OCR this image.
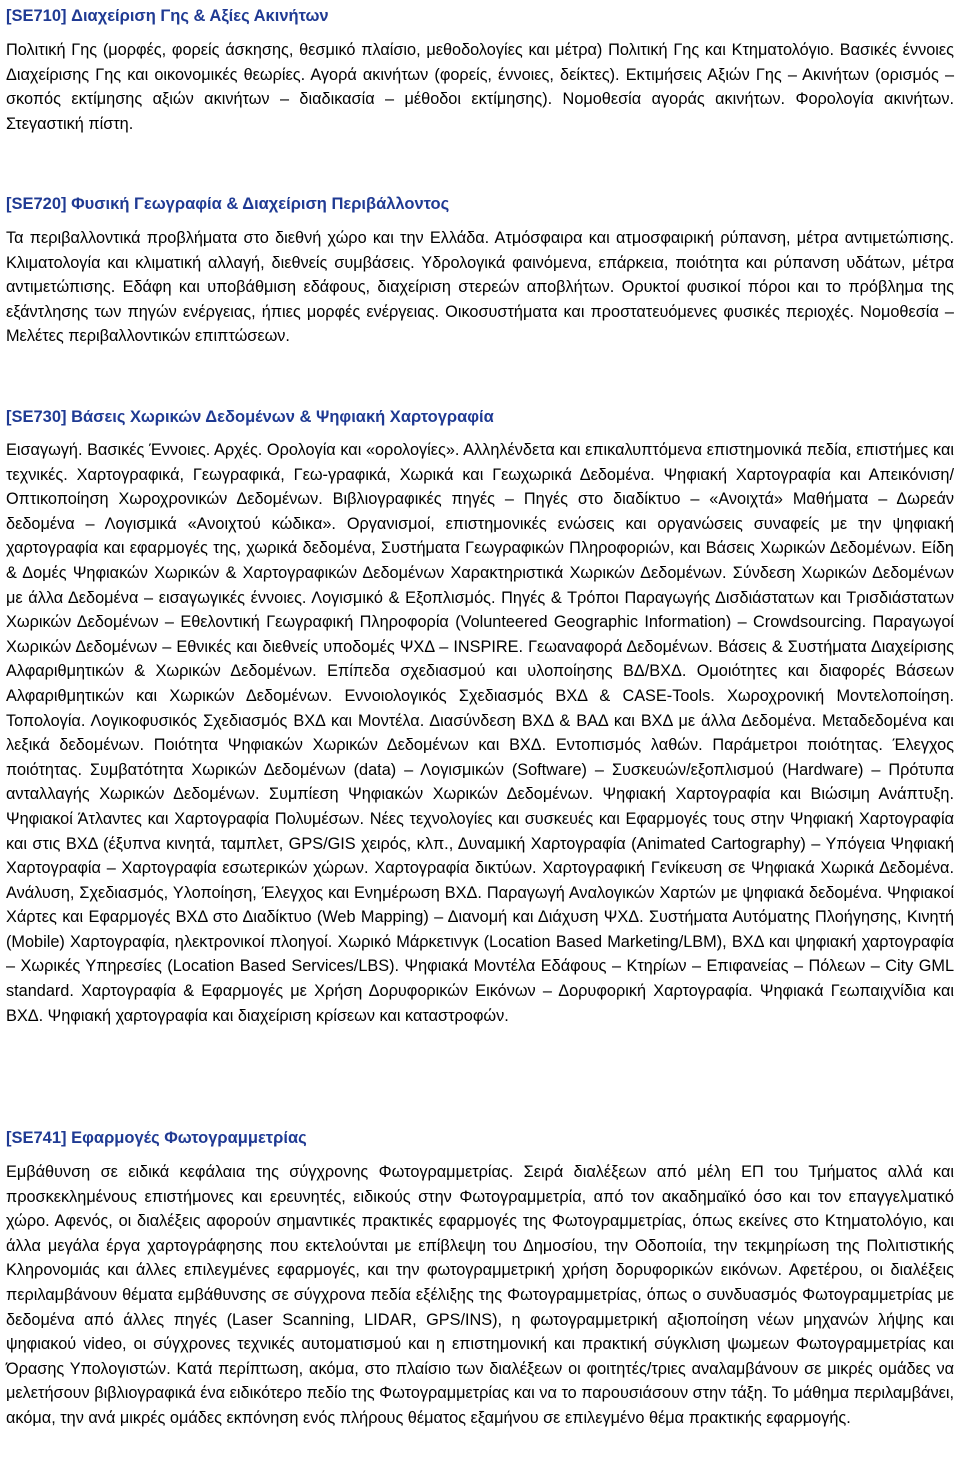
[SE710] Διαχείριση Γης & Αξίες Ακινήτων

Πολιτική Γης (μορφές, φορείς άσκησης, θεσμικό πλαίσιο, μεθοδολογίες και μέτρα) Πολιτική Γης και Κτηματολόγιο. Βασικές έννοιες Διαχείρισης Γης και οικονομικές θεωρίες. Αγορά ακινήτων (φορείς, έννοιες, δείκτες). Εκτιμήσεις Αξιών Γης – Ακινήτων (ορισμός – σκοπός εκτίμησης αξιών ακινήτων – διαδικασία – μέθοδοι εκτίμησης). Νομοθεσία αγοράς ακινήτων. Φορολογία ακινήτων. Στεγαστική πίστη.

[SE720] Φυσική Γεωγραφία & Διαχείριση Περιβάλλοντος

Τα περιβαλλοντικά προβλήματα στο διεθνή χώρο και την Ελλάδα. Ατμόσφαιρα και ατμοσφαιρική ρύπανση, μέτρα αντιμετώπισης. Κλιματολογία και κλιματική αλλαγή, διεθνείς συμβάσεις. Υδρολογικά φαινόμενα, επάρκεια, ποιότητα και ρύπανση υδάτων, μέτρα αντιμετώπισης. Εδάφη και υποβάθμιση εδάφους, διαχείριση στερεών αποβλήτων. Ορυκτοί φυσικοί πόροι και το πρόβλημα της εξάντλησης των πηγών ενέργειας, ήπιες μορφές ενέργειας. Οικοσυστήματα και προστατευόμενες φυσικές περιοχές. Νομοθεσία – Μελέτες περιβαλλοντικών επιπτώσεων.

[SE730] Βάσεις Χωρικών Δεδομένων & Ψηφιακή Χαρτογραφία

Εισαγωγή. Βασικές Έννοιες. Αρχές. Ορολογία και «ορολογίες». Αλληλένδετα και επικαλυπτόμενα επιστημονικά πεδία, επιστήμες και τεχνικές. Χαρτογραφικά, Γεωγραφικά, Γεω-γραφικά, Χωρικά και Γεωχωρικά Δεδομένα. Ψηφιακή Χαρτογραφία και Απεικόνιση/Οπτικοποίηση Χωροχρονικών Δεδομένων. Βιβλιογραφικές πηγές – Πηγές στο διαδίκτυο – «Ανοιχτά» Μαθήματα – Δωρεάν δεδομένα – Λογισμικά «Ανοιχτού κώδικα». Οργανισμοί, επιστημονικές ενώσεις και οργανώσεις συναφείς με την ψηφιακή χαρτογραφία και εφαρμογές της, χωρικά δεδομένα, Συστήματα Γεωγραφικών Πληροφοριών, και Βάσεις Χωρικών Δεδομένων. Είδη & Δομές Ψηφιακών Χωρικών & Χαρτογραφικών Δεδομένων Χαρακτηριστικά Χωρικών Δεδομένων. Σύνδεση Χωρικών Δεδομένων με άλλα Δεδομένα – εισαγωγικές έννοιες. Λογισμικό & Εξοπλισμός. Πηγές & Τρόποι Παραγωγής Δισδιάστατων και Τρισδιάστατων Χωρικών Δεδομένων – Εθελοντική Γεωγραφική Πληροφορία (Volunteered Geographic Information) – Crowdsourcing. Παραγωγοί Χωρικών Δεδομένων – Εθνικές και διεθνείς υποδομές ΨΧΔ – INSPIRE. Γεωαναφορά Δεδομένων. Βάσεις & Συστήματα Διαχείρισης Αλφαριθμητικών & Χωρικών Δεδομένων. Επίπεδα σχεδιασμού και υλοποίησης ΒΔ/ΒΧΔ. Ομοιότητες και διαφορές Βάσεων Αλφαριθμητικών και Χωρικών Δεδομένων. Εννοιολογικός Σχεδιασμός ΒΧΔ & CASE-Tools. Χωροχρονική Μοντελοποίηση. Τοπολογία. Λογικοφυσικός Σχεδιασμός ΒΧΔ και Μοντέλα. Διασύνδεση ΒΧΔ & ΒΑΔ και ΒΧΔ με άλλα Δεδομένα. Μεταδεδομένα και λεξικά δεδομένων. Ποιότητα Ψηφιακών Χωρικών Δεδομένων και ΒΧΔ. Εντοπισμός λαθών. Παράμετροι ποιότητας. Έλεγχος ποιότητας. Συμβατότητα Χωρικών Δεδομένων (data) – Λογισμικών (Software) – Συσκευών/εξοπλισμού (Hardware) – Πρότυπα ανταλλαγής Χωρικών Δεδομένων. Συμπίεση Ψηφιακών Χωρικών Δεδομένων. Ψηφιακή Χαρτογραφία και Βιώσιμη Ανάπτυξη. Ψηφιακοί Άτλαντες και Χαρτογραφία Πολυμέσων. Νέες τεχνολογίες και συσκευές και Εφαρμογές τους στην Ψηφιακή Χαρτογραφία και στις ΒΧΔ (έξυπνα κινητά, ταμπλετ, GPS/GIS χειρός, κλπ., Δυναμική Χαρτογραφία (Animated Cartography) – Υπόγεια Ψηφιακή Χαρτογραφία – Χαρτογραφία εσωτερικών χώρων. Χαρτογραφία δικτύων. Χαρτογραφική Γενίκευση σε Ψηφιακά Χωρικά Δεδομένα. Ανάλυση, Σχεδιασμός, Υλοποίηση, Έλεγχος και Ενημέρωση ΒΧΔ. Παραγωγή Αναλογικών Χαρτών με ψηφιακά δεδομένα. Ψηφιακοί Χάρτες και Εφαρμογές ΒΧΔ στο Διαδίκτυο (Web Mapping) – Διανομή και Διάχυση ΨΧΔ. Συστήματα Αυτόματης Πλοήγησης, Κινητή (Mobile) Χαρτογραφία, ηλεκτρονικοί πλοηγοί. Χωρικό Μάρκετινγκ (Location Based Marketing/LBM), ΒΧΔ και ψηφιακή χαρτογραφία – Χωρικές Υπηρεσίες (Location Based Services/LBS). Ψηφιακά Μοντέλα Εδάφους – Κτηρίων – Επιφανείας – Πόλεων – City GML standard. Χαρτογραφία & Εφαρμογές με Χρήση Δορυφορικών Εικόνων – Δορυφορική Χαρτογραφία. Ψηφιακά Γεωπαιχνίδια και ΒΧΔ. Ψηφιακή χαρτογραφία και διαχείριση κρίσεων και καταστροφών.

[SE741] Εφαρμογές Φωτογραμμετρίας

Εμβάθυνση σε ειδικά κεφάλαια της σύγχρονης Φωτογραμμετρίας. Σειρά διαλέξεων από μέλη ΕΠ του Τμήματος αλλά και προσκεκλημένους επιστήμονες και ερευνητές, ειδικούς στην Φωτογραμμετρία, από τον ακαδημαϊκό όσο και τον επαγγελματικό χώρο. Αφενός, οι διαλέξεις αφορούν σημαντικές πρακτικές εφαρμογές της Φωτογραμμετρίας, όπως εκείνες στο Κτηματολόγιο, και άλλα μεγάλα έργα χαρτογράφησης που εκτελούνται με επίβλεψη του Δημοσίου, την Οδοποιία, την τεκμηρίωση της Πολιτιστικής Κληρονομιάς και άλλες επιλεγμένες εφαρμογές, και την φωτογραμμετρική χρήση δορυφορικών εικόνων. Αφετέρου, οι διαλέξεις περιλαμβάνουν θέματα εμβάθυνσης σε σύγχρονα πεδία εξέλιξης της Φωτογραμμετρίας, όπως ο συνδυασμός Φωτογραμμετρίας με δεδομένα από άλλες πηγές (Laser Scanning, LIDAR, GPS/INS), η φωτογραμμετρική αξιοποίηση νέων μηχανών λήψης και ψηφιακού video, οι σύγχρονες τεχνικές αυτοματισμού και η επιστημονική και πρακτική σύγκλιση ψωμεων Φωτογραμμετρίας και Όρασης Υπολογιστών. Κατά περίπτωση, ακόμα, στο πλαίσιο των διαλέξεων οι φοιτητές/τριες αναλαμβάνουν σε μικρές ομάδες να μελετήσουν βιβλιογραφικά ένα ειδικότερο πεδίο της Φωτογραμμετρίας και να το παρουσιάσουν στην τάξη. Το μάθημα περιλαμβάνει, ακόμα, την ανά μικρές ομάδες εκπόνηση ενός πλήρους θέματος εξαμήνου σε επιλεγμένο θέμα πρακτικής εφαρμογής.
